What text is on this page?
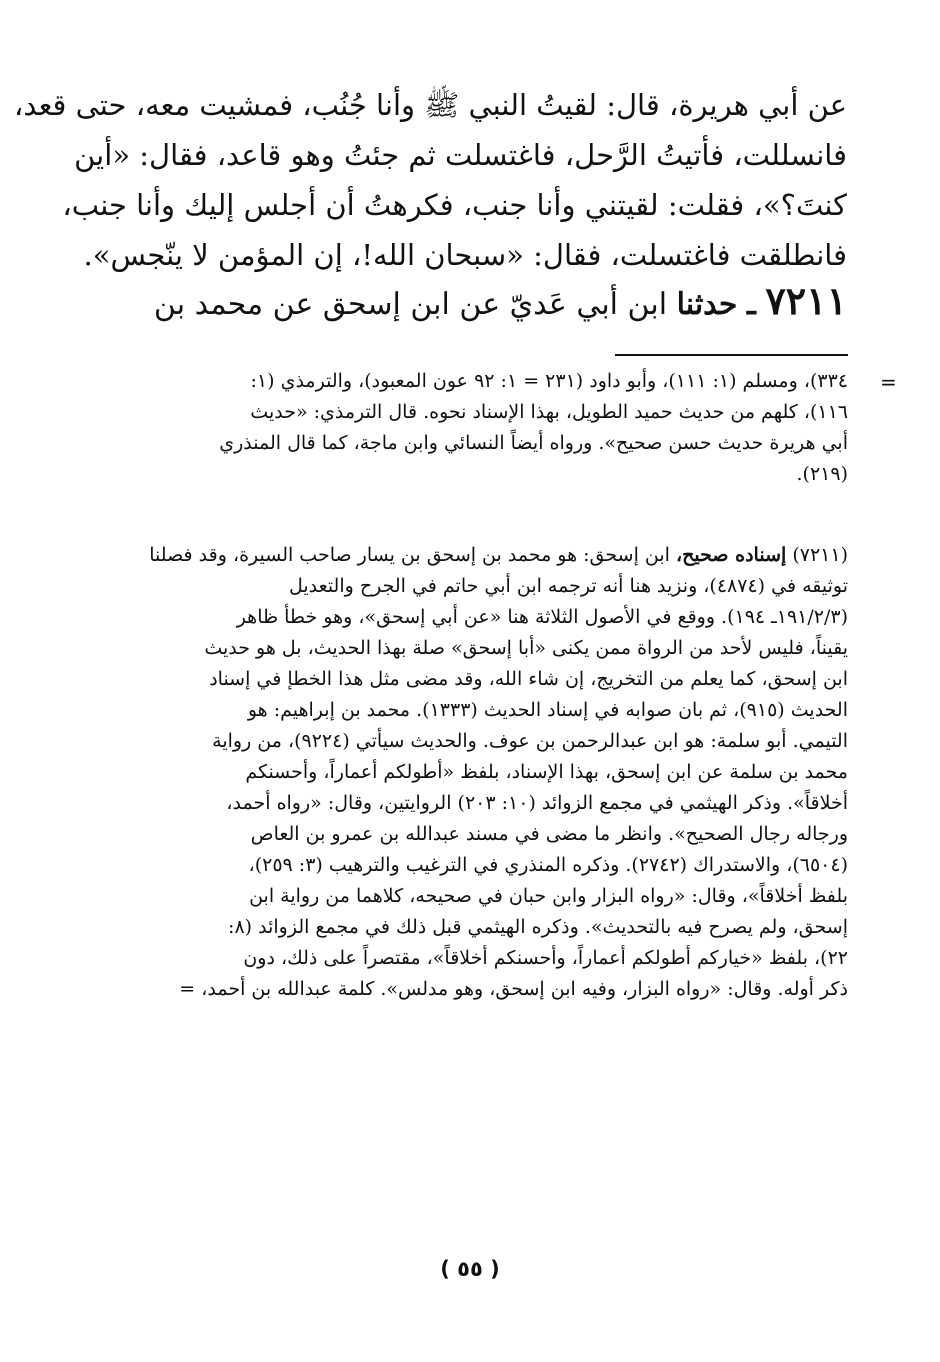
عن أبي هريرة، قال: لقيتُ النبي ﷺ وأنا جُنُب، فمشيت معه، حتى قعد،
فانسللت، فأتيتُ الرَّحل، فاغتسلت ثم جئتُ وهو قاعد، فقال: «أين
كنتَ؟»، فقلت: لقيتني وأنا جنب، فكرهتُ أن أجلس إليك وأنا جنب،
فانطلقت فاغتسلت، فقال: «سبحان الله!، إن المؤمن لا ينّجس».
٧٢١١ ـ حدثنا ابن أبي عَديّ عن ابن إسحق عن محمد بن
=
٣٣٤)، ومسلم (١: ١١١)، وأبو داود (٢٣١ = ١: ٩٢ عون المعبود)، والترمذي (١:
١١٦)، كلهم من حديث حميد الطويل، بهذا الإسناد نحوه. قال الترمذي: «حديث
أبي هريرة حديث حسن صحيح». ورواه أيضاً النسائي وابن ماجة، كما قال المنذري
(٢١٩).
(٧٢١١) إسناده صحيح، ابن إسحق: هو محمد بن إسحق بن يسار صاحب السيرة، وقد فصلنا
توثيقه في (٤٨٧٤)، ونزيد هنا أنه ترجمه ابن أبي حاتم في الجرح والتعديل
(١٩١/٢/٣ـ ١٩٤). ووقع في الأصول الثلاثة هنا «عن أبي إسحق»، وهو خطأ ظاهر
يقيناً، فليس لأحد من الرواة ممن يكنى «أبا إسحق» صلة بهذا الحديث، بل هو حديث
ابن إسحق، كما يعلم من التخريج، إن شاء الله، وقد مضى مثل هذا الخطإ في إسناد
الحديث (٩١٥)، ثم بان صوابه في إسناد الحديث (١٣٣٣). محمد بن إبراهيم: هو
التيمي. أبو سلمة: هو ابن عبدالرحمن بن عوف. والحديث سيأتي (٩٢٢٤)، من رواية
محمد بن سلمة عن ابن إسحق، بهذا الإسناد، بلفظ «أطولكم أعماراً، وأحسنكم
أخلاقاً». وذكر الهيثمي في مجمع الزوائد (١٠: ٢٠٣) الروايتين، وقال: «رواه أحمد،
ورجاله رجال الصحيح». وانظر ما مضى في مسند عبدالله بن عمرو بن العاص
(٦٥٠٤)، والاستدراك (٢٧٤٢). وذكره المنذري في الترغيب والترهيب (٣: ٢٥٩)،
بلفظ أخلاقاً»، وقال: «رواه البزار وابن حبان في صحيحه، كلاهما من رواية ابن
إسحق، ولم يصرح فيه بالتحديث». وذكره الهيثمي قبل ذلك في مجمع الزوائد (٨:
٢٢)، بلفظ «خياركم أطولكم أعماراً، وأحسنكم أخلاقاً»، مقتصراً على ذلك، دون
ذكر أوله. وقال: «رواه البزار، وفيه ابن إسحق، وهو مدلس». كلمة عبدالله بن أحمد، =
( ٥٥ )
